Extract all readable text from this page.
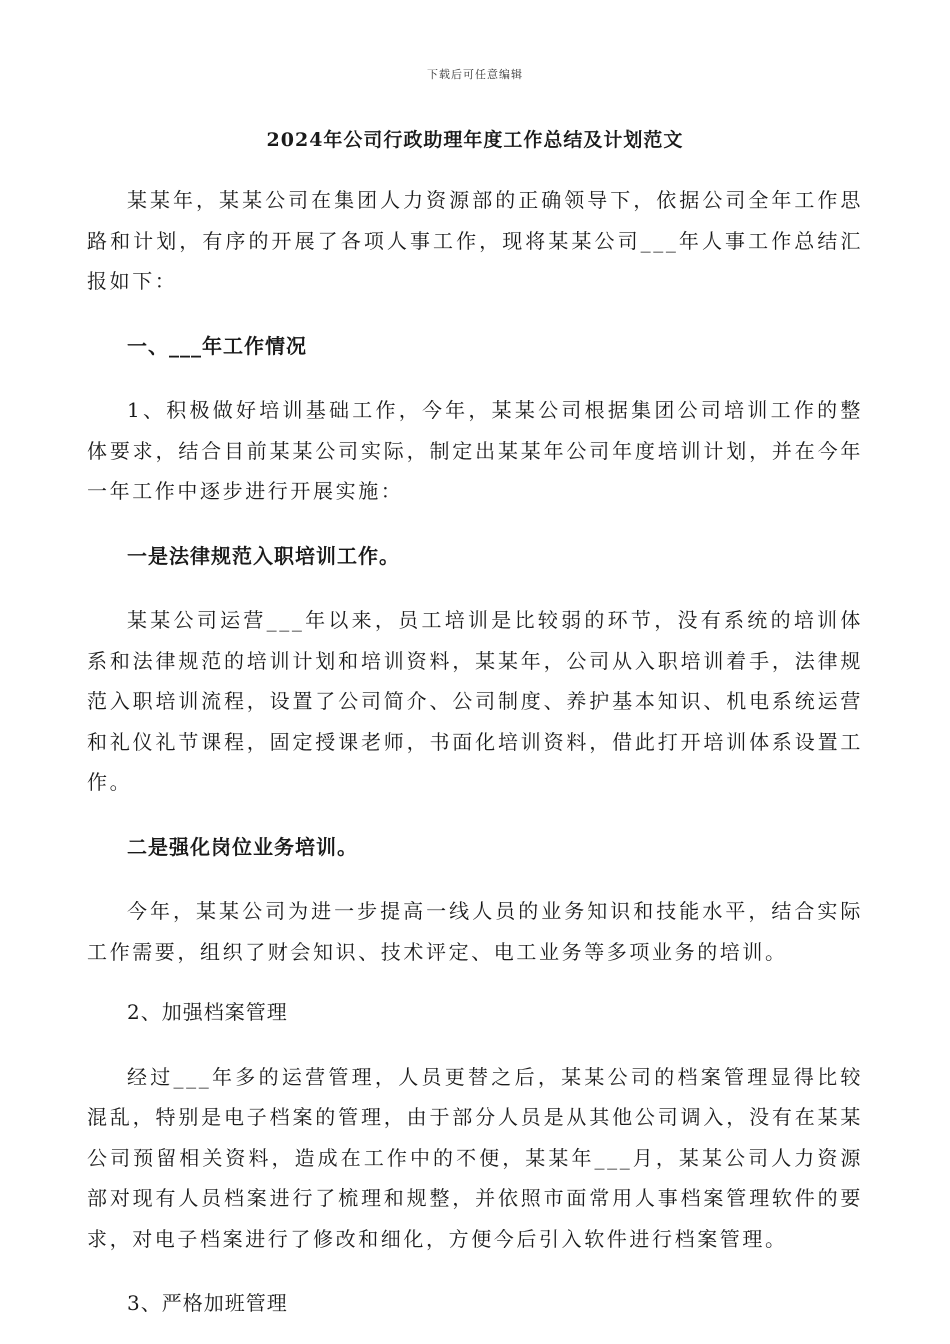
下载后可任意编辑
2024年公司行政助理年度工作总结及计划范文

某某年，某某公司在集团人力资源部的正确领导下，依据公司全年工作思路和计划，有序的开展了各项人事工作，现将某某公司___年人事工作总结汇报如下：

一、___年工作情况

1、积极做好培训基础工作，今年，某某公司根据集团公司培训工作的整体要求，结合目前某某公司实际，制定出某某年公司年度培训计划，并在今年一年工作中逐步进行开展实施：

一是法律规范入职培训工作。

某某公司运营___年以来，员工培训是比较弱的环节，没有系统的培训体系和法律规范的培训计划和培训资料，某某年，公司从入职培训着手，法律规范入职培训流程，设置了公司简介、公司制度、养护基本知识、机电系统运营和礼仪礼节课程，固定授课老师，书面化培训资料，借此打开培训体系设置工作。

二是强化岗位业务培训。

今年，某某公司为进一步提高一线人员的业务知识和技能水平，结合实际工作需要，组织了财会知识、技术评定、电工业务等多项业务的培训。

2、加强档案管理

经过___年多的运营管理，人员更替之后，某某公司的档案管理显得比较混乱，特别是电子档案的管理，由于部分人员是从其他公司调入，没有在某某公司预留相关资料，造成在工作中的不便，某某年___月，某某公司人力资源部对现有人员档案进行了梳理和规整，并依照市面常用人事档案管理软件的要求，对电子档案进行了修改和细化，方便今后引入软件进行档案管理。

3、严格加班管理
